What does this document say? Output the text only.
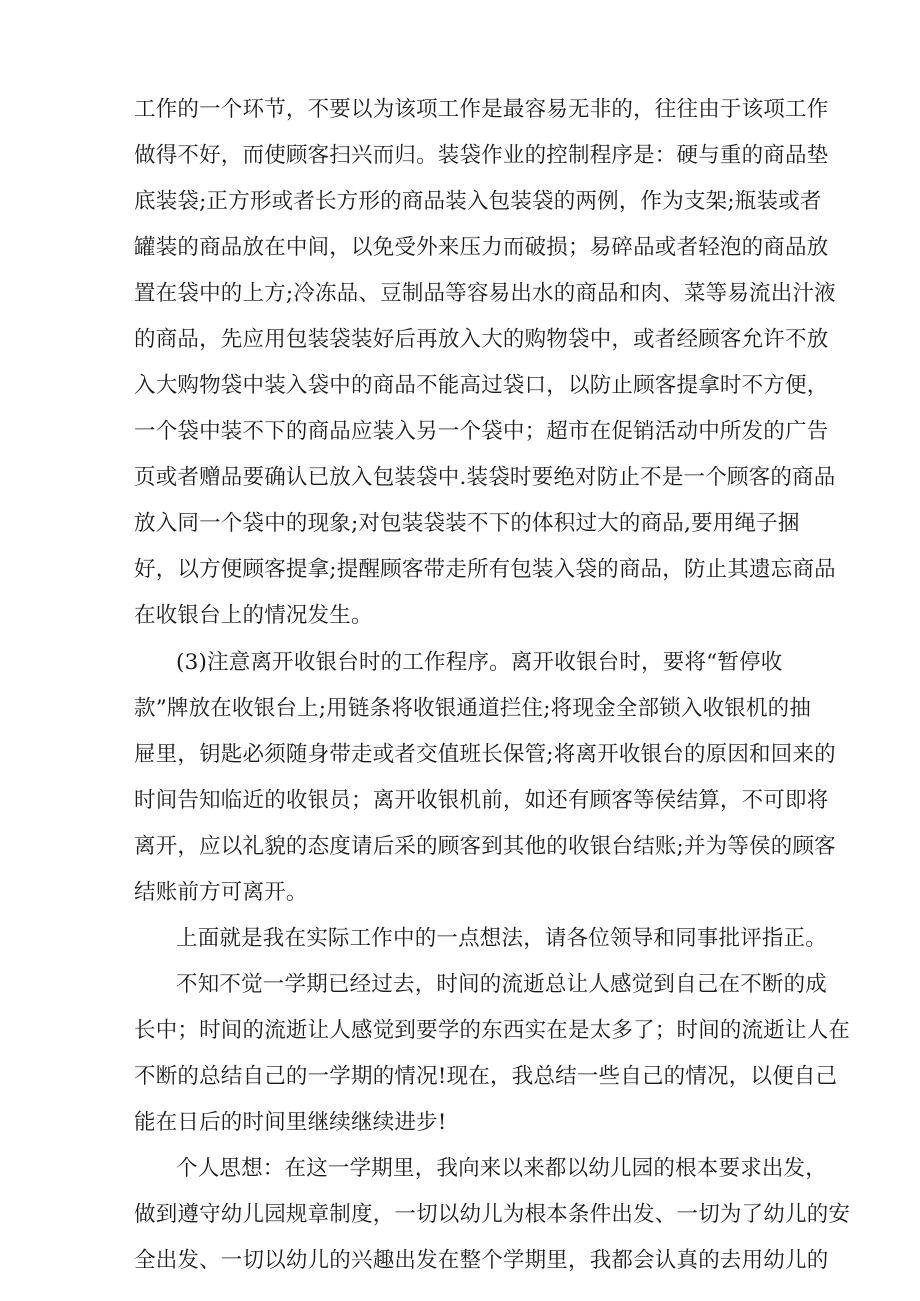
工作的一个环节，不要以为该项工作是最容易无非的，往往由于该项工作
做得不好，而使顾客扫兴而归。装袋作业的控制程序是：硬与重的商品垫
底装袋;正方形或者长方形的商品装入包装袋的两例，作为支架;瓶装或者
罐装的商品放在中间，以免受外来压力而破损；易碎品或者轻泡的商品放
置在袋中的上方;冷冻品、豆制品等容易出水的商品和肉、菜等易流出汁液
的商品，先应用包装袋装好后再放入大的购物袋中，或者经顾客允许不放
入大购物袋中装入袋中的商品不能高过袋口，以防止顾客提拿时不方便，
一个袋中装不下的商品应装入另一个袋中；超市在促销活动中所发的广告
页或者赠品要确认已放入包装袋中.装袋时要绝对防止不是一个顾客的商品
放入同一个袋中的现象;对包装袋装不下的体积过大的商品,要用绳子捆
好，以方便顾客提拿;提醒顾客带走所有包装入袋的商品，防止其遗忘商品
在收银台上的情况发生。
(3)注意离开收银台时的工作程序。离开收银台时，要将“暂停收
款”牌放在收银台上;用链条将收银通道拦住;将现金全部锁入收银机的抽
屉里，钥匙必须随身带走或者交值班长保管;将离开收银台的原因和回来的
时间告知临近的收银员；离开收银机前，如还有顾客等侯结算，不可即将
离开，应以礼貌的态度请后采的顾客到其他的收银台结账;并为等侯的顾客
结账前方可离开。
上面就是我在实际工作中的一点想法，请各位领导和同事批评指正。
不知不觉一学期已经过去，时间的流逝总让人感觉到自己在不断的成
长中；时间的流逝让人感觉到要学的东西实在是太多了；时间的流逝让人在
不断的总结自己的一学期的情况!现在，我总结一些自己的情况，以便自己
能在日后的时间里继续继续进步!
个人思想：在这一学期里，我向来以来都以幼儿园的根本要求出发，
做到遵守幼儿园规章制度，一切以幼儿为根本条件出发、一切为了幼儿的安
全出发、一切以幼儿的兴趣出发在整个学期里，我都会认真的去用幼儿的
